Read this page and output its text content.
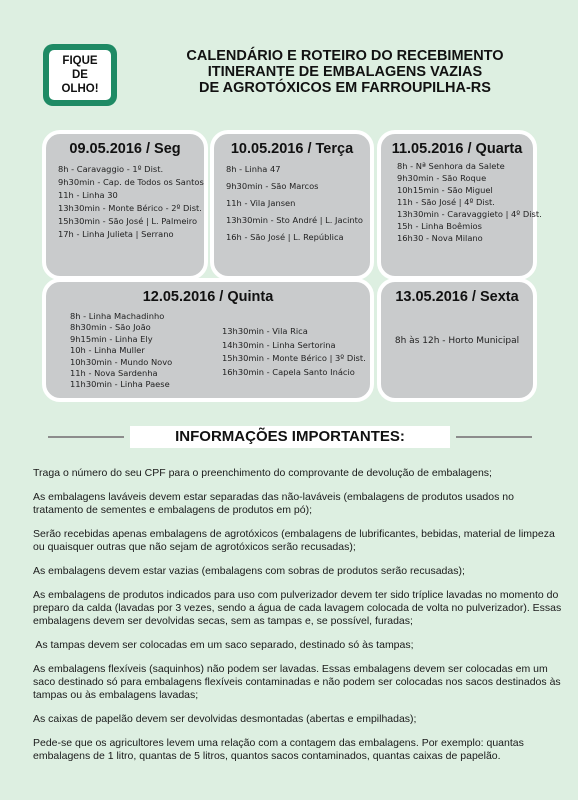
FIQUE
DE
OLHO!
CALENDÁRIO E ROTEIRO DO RECEBIMENTO
ITINERANTE DE EMBALAGENS VAZIAS
DE AGROTÓXICOS EM FARROUPILHA-RS
09.05.2016 / Seg
8h - Caravaggio - 1º Dist.
9h30min - Cap. de Todos os Santos
11h - Linha 30
13h30min - Monte Bérico - 2º Dist.
15h30min - São José | L. Palmeiro
17h - Linha Julieta | Serrano
10.05.2016 / Terça
8h - Linha 47
9h30min - São Marcos
11h - Vila Jansen
13h30min - Sto André | L. Jacinto
16h - São José | L. República
11.05.2016 / Quarta
8h - Nª Senhora da Salete
9h30min - São Roque
10h15min - São Miguel
11h - São José | 4º Dist.
13h30min - Caravaggieto | 4º Dist.
15h - Linha Boêmios
16h30 - Nova Milano
12.05.2016 / Quinta
8h - Linha Machadinho
8h30min - São João
9h15min - Linha Ely
10h - Linha Muller
10h30min - Mundo Novo
11h - Nova Sardenha
11h30min - Linha Paese
13h30min - Vila Rica
14h30min - Linha Sertorina
15h30min - Monte Bérico | 3º Dist.
16h30min - Capela Santo Inácio
13.05.2016 / Sexta
8h às 12h - Horto Municipal
INFORMAÇÕES IMPORTANTES:

Traga o número do seu CPF para o preenchimento do comprovante de devolução de embalagens;

As embalagens laváveis devem estar separadas das não-laváveis (embalagens de produtos usados no tratamento de sementes e embalagens de produtos em pó);

Serão recebidas apenas embalagens de agrotóxicos (embalagens de lubrificantes, bebidas, material de limpeza ou quaisquer outras que não sejam de agrotóxicos serão recusadas);

As embalagens devem estar vazias (embalagens com sobras de produtos serão recusadas);

As embalagens de produtos indicados para uso com pulverizador devem ter sido tríplice lavadas no momento do preparo da calda (lavadas por 3 vezes, sendo a água de cada lavagem colocada de volta no pulverizador). Essas embalagens devem ser devolvidas secas, sem as tampas e, se possível, furadas;

As tampas devem ser colocadas em um saco separado, destinado só às tampas;

As embalagens flexíveis (saquinhos) não podem ser lavadas. Essas embalagens devem ser colocadas em um saco destinado só para embalagens flexíveis contaminadas e não podem ser colocadas nos sacos destinados às tampas ou às embalagens lavadas;

As caixas de papelão devem ser devolvidas desmontadas (abertas e empilhadas);

Pede-se que os agricultores levem uma relação com a contagem das embalagens. Por exemplo: quantas embalagens de 1 litro, quantas de 5 litros, quantos sacos contaminados, quantas caixas de papelão.
